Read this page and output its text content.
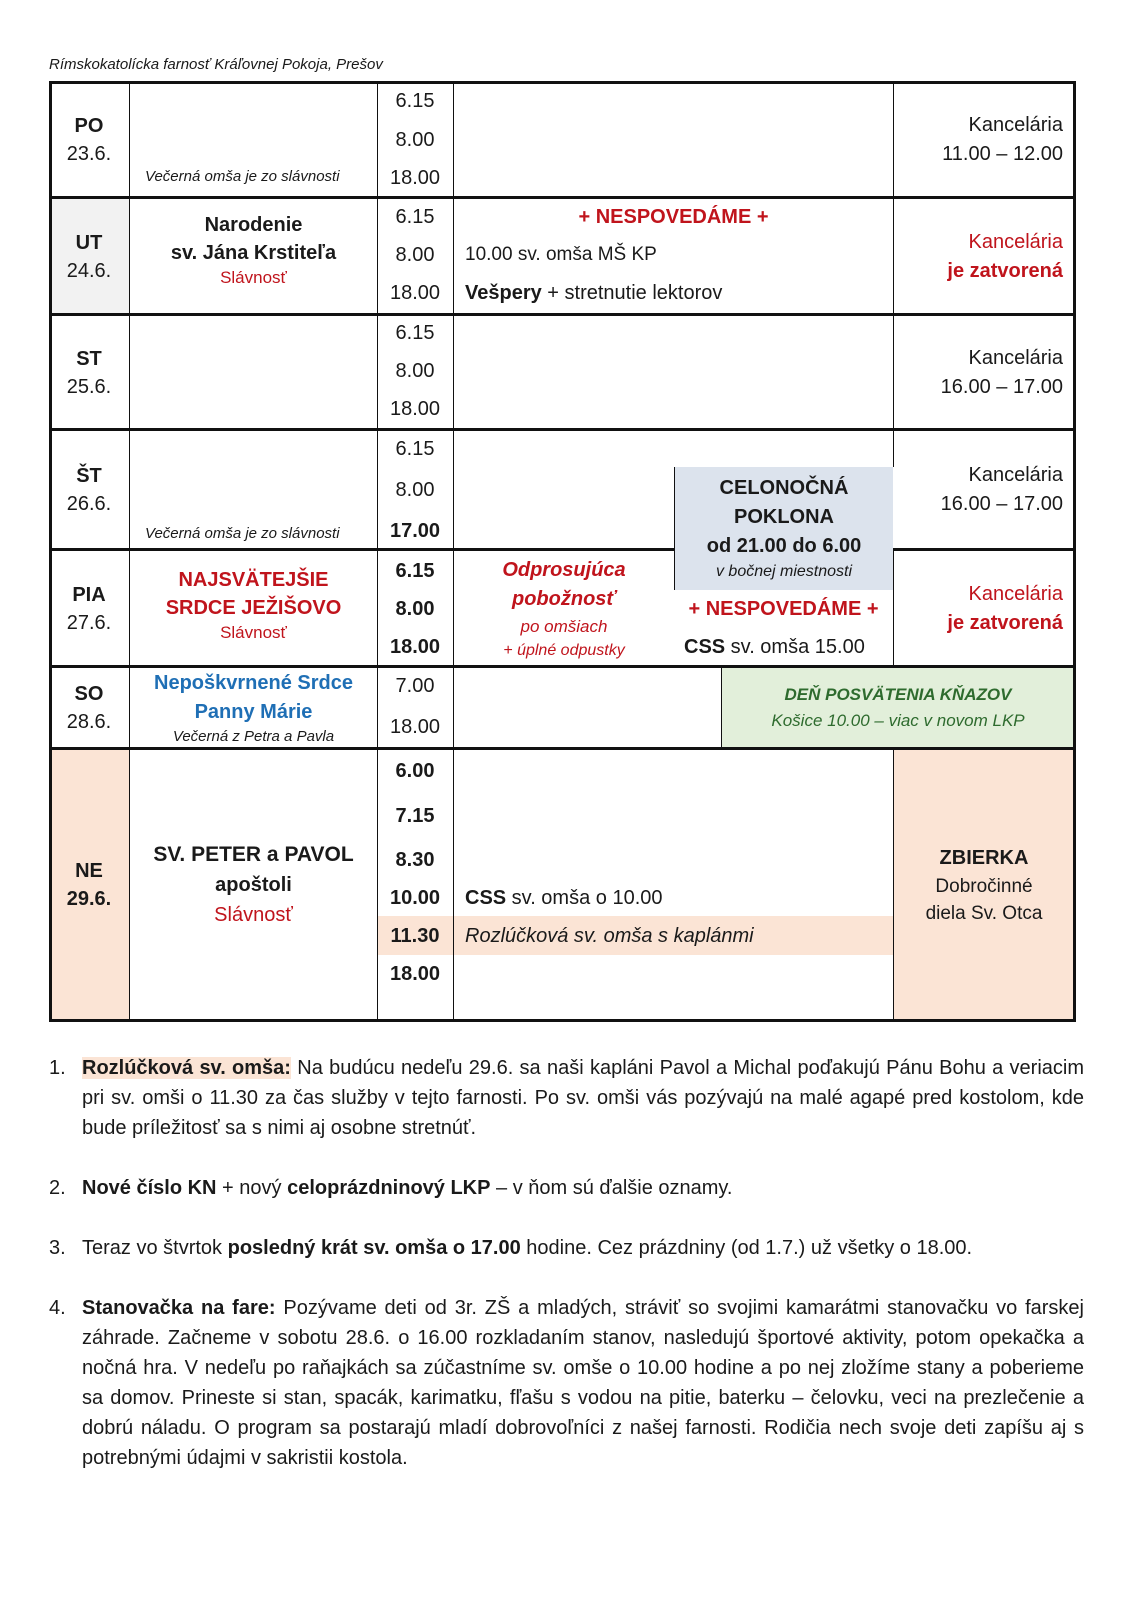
Rímskokatolícka farnosť Kráľovnej Pokoja, Prešov
PO
23.6.
Večerná omša je zo slávnosti
6.15
8.00
18.00
Kancelária
11.00 – 12.00
UT
24.6.
Narodenie
sv. Jána Krstiteľa
Slávnosť
6.15
8.00
18.00
+ NESPOVEDÁME +
10.00 sv. omša MŠ KP
Vešpery + stretnutie lektorov
Kancelária
je zatvorená
ST
25.6.
6.15
8.00
18.00
Kancelária
16.00 – 17.00
ŠT
26.6.
Večerná omša je zo slávnosti
6.15
8.00
17.00
Kancelária
16.00 – 17.00
CELONOČNÁ
POKLONA
od 21.00 do 6.00
v bočnej miestnosti
PIA
27.6.
NAJSVÄTEJŠIE
SRDCE JEŽIŠOVO
Slávnosť
6.15
8.00
18.00
Odprosujúca
pobožnosť
po omšiach
+ úplné odpustky
+ NESPOVEDÁME +
CSS sv. omša 15.00
Kancelária
je zatvorená
SO
28.6.
Nepoškvrnené Srdce
Panny Márie
Večerná z Petra a Pavla
7.00
18.00
DEŇ POSVÄTENIA KŇAZOV
Košice 10.00 – viac v novom LKP
NE
29.6.
SV. PETER a PAVOL
apoštoli
Slávnosť
6.00
7.15
8.30
10.00
11.30
18.00
CSS sv. omša o 10.00
Rozlúčková sv. omša s kaplánmi
ZBIERKA
Dobročinné
diela Sv. Otca
1. Rozlúčková sv. omša: Na budúcu nedeľu 29.6. sa naši kapláni Pavol a Michal poďakujú Pánu Bohu a veriacim pri sv. omši o 11.30 za čas služby v tejto farnosti. Po sv. omši vás pozývajú na malé agapé pred kostolom, kde bude príležitosť sa s nimi aj osobne stretnúť.
2. Nové číslo KN + nový celoprázdninový LKP – v ňom sú ďalšie oznamy.
3. Teraz vo štvrtok posledný krát sv. omša o 17.00 hodine. Cez prázdniny (od 1.7.) už všetky o 18.00.
4. Stanovačka na fare: Pozývame deti od 3r. ZŠ a mladých, stráviť so svojimi kamarátmi stanovačku vo farskej záhrade. Začneme v sobotu 28.6. o 16.00 rozkladaním stanov, nasledujú športové aktivity, potom opekačka a nočná hra. V nedeľu po raňajkách sa zúčastníme sv. omše o 10.00 hodine a po nej zložíme stany a poberieme sa domov. Prineste si stan, spacák, karimatku, fľašu s vodou na pitie, baterku – čelovku, veci na prezlečenie a dobrú náladu. O program sa postarajú mladí dobrovoľníci z našej farnosti. Rodičia nech svoje deti zapíšu aj s potrebnými údajmi v sakristii kostola.
